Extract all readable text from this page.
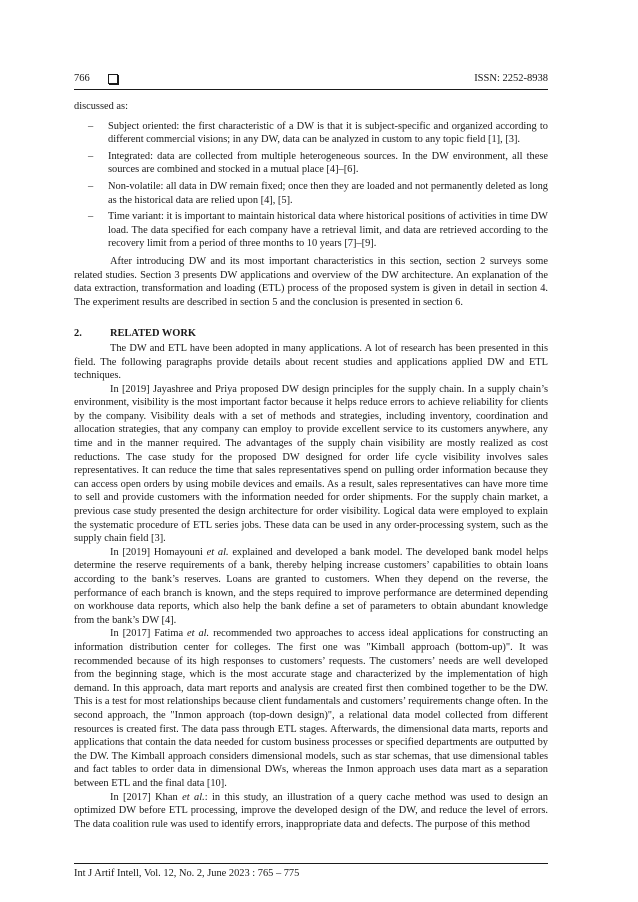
766	ISSN: 2252-8938

discussed as:

– Subject oriented: the first characteristic of a DW is that it is subject-specific and organized according to different commercial visions; in any DW, data can be analyzed in custom to any topic field [1], [3].
– Integrated: data are collected from multiple heterogeneous sources. In the DW environment, all these sources are combined and stocked in a mutual place [4]–[6].
– Non-volatile: all data in DW remain fixed; once then they are loaded and not permanently deleted as long as the historical data are relied upon [4], [5].
– Time variant: it is important to maintain historical data where historical positions of activities in time DW load. The data specified for each company have a retrieval limit, and data are retrieved according to the recovery limit from a period of three months to 10 years [7]–[9].

After introducing DW and its most important characteristics in this section, section 2 surveys some related studies. Section 3 presents DW applications and overview of the DW architecture. An explanation of the data extraction, transformation and loading (ETL) process of the proposed system is given in detail in section 4. The experiment results are described in section 5 and the conclusion is presented in section 6.

2.	RELATED WORK

The DW and ETL have been adopted in many applications. A lot of research has been presented in this field. The following paragraphs provide details about recent studies and applications applied DW and ETL techniques.

In [2019] Jayashree and Priya proposed DW design principles for the supply chain. In a supply chain’s environment, visibility is the most important factor because it helps reduce errors to achieve reliability for clients by the company. Visibility deals with a set of methods and strategies, including inventory, coordination and allocation strategies, that any company can employ to provide excellent service to its customers anywhere, any time and in the manner required. The advantages of the supply chain visibility are mostly realized as cost reductions. The case study for the proposed DW designed for order life cycle visibility involves sales representatives. It can reduce the time that sales representatives spend on pulling order information because they can access open orders by using mobile devices and emails. As a result, sales representatives can have more time to sell and provide customers with the information needed for order shipments. For the supply chain market, a previous case study presented the design architecture for order visibility. Logical data were employed to explain the systematic procedure of ETL series jobs. These data can be used in any order-processing system, such as the supply chain field [3].

In [2019] Homayouni et al. explained and developed a bank model. The developed bank model helps determine the reserve requirements of a bank, thereby helping increase customers’ capabilities to obtain loans according to the bank’s reserves. Loans are granted to customers. When they depend on the reverse, the performance of each branch is known, and the steps required to improve performance are determined depending on workhouse data reports, which also help the bank define a set of parameters to obtain abundant knowledge from the bank’s DW [4].

In [2017] Fatima et al. recommended two approaches to access ideal applications for constructing an information distribution center for colleges. The first one was "Kimball approach (bottom-up)". It was recommended because of its high responses to customers’ requests. The customers’ needs are well developed from the beginning stage, which is the most accurate stage and characterized by the implementation of high demand. In this approach, data mart reports and analysis are created first then combined together to be the DW. This is a test for most relationships because client fundamentals and customers’ requirements change often. In the second approach, the "Inmon approach (top-down design)", a relational data model collected from different resources is created first. The data pass through ETL stages. Afterwards, the dimensional data marts, reports and applications that contain the data needed for custom business processes or specified departments are outputted by the DW. The Kimball approach considers dimensional models, such as star schemas, that use dimensional tables and fact tables to order data in dimensional DWs, whereas the Inmon approach uses data mart as a separation between ETL and the final data [10].

In [2017] Khan et al.: in this study, an illustration of a query cache method was used to design an optimized DW before ETL processing, improve the developed design of the DW, and reduce the level of errors. The data coalition rule was used to identify errors, inappropriate data and defects. The purpose of this method

Int J Artif Intell, Vol. 12, No. 2, June 2023 : 765 – 775
